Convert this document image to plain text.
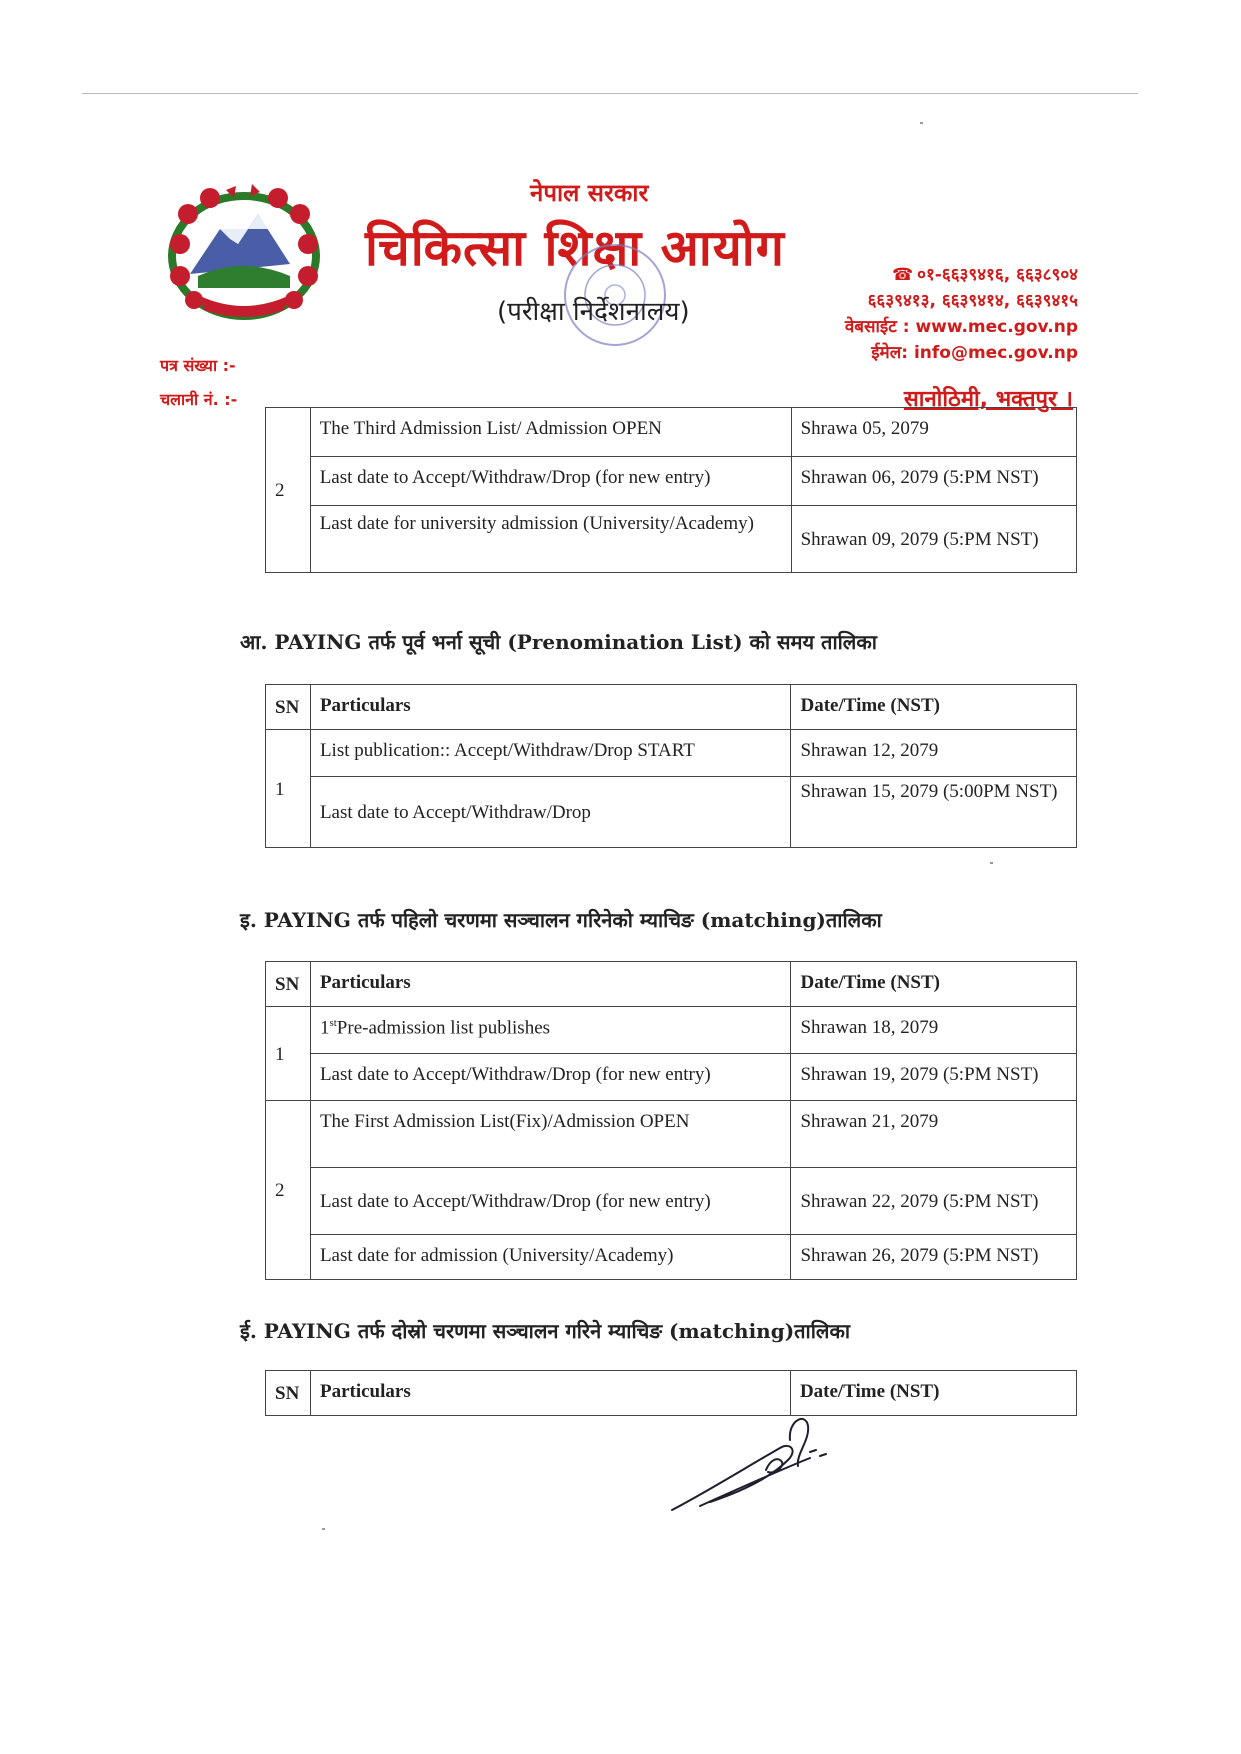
नेपाल सरकार
चिकित्सा शिक्षा आयोग
(परीक्षा निर्देशनालय)
☎ ०१-६६३९४१६, ६६३८९०४
६६३९४१३, ६६३९४१४, ६६३९४१५
वेबसाईट : www.mec.gov.np
ईमेल: info@mec.gov.np
पत्र संख्या :-
चलानी नं. :-	सानोठिमी, भक्तपुर ।
2	The Third Admission List/ Admission OPEN	Shrawa 05, 2079
	Last date to Accept/Withdraw/Drop (for new entry)	Shrawan 06, 2079 (5:PM NST)
	Last date for university admission (University/Academy)	Shrawan 09, 2079 (5:PM NST)
आ. PAYING तर्फ पूर्व भर्ना सूची (Prenomination List) को समय तालिका
SN	Particulars	Date/Time (NST)
1	List publication:: Accept/Withdraw/Drop START	Shrawan 12, 2079
	Last date to Accept/Withdraw/Drop	Shrawan 15, 2079 (5:00PM NST)
इ. PAYING तर्फ पहिलो चरणमा सञ्चालन गरिनेको म्याचिङ (matching)तालिका
SN	Particulars	Date/Time (NST)
1	1stPre-admission list publishes	Shrawan 18, 2079
	Last date to Accept/Withdraw/Drop (for new entry)	Shrawan 19, 2079 (5:PM NST)
2	The First Admission List(Fix)/Admission OPEN	Shrawan 21, 2079
	Last date to Accept/Withdraw/Drop (for new entry)	Shrawan 22, 2079 (5:PM NST)
	Last date for admission (University/Academy)	Shrawan 26, 2079 (5:PM NST)
ई. PAYING तर्फ दोस्रो चरणमा सञ्चालन गरिने म्याचिङ (matching)तालिका
SN	Particulars	Date/Time (NST)
